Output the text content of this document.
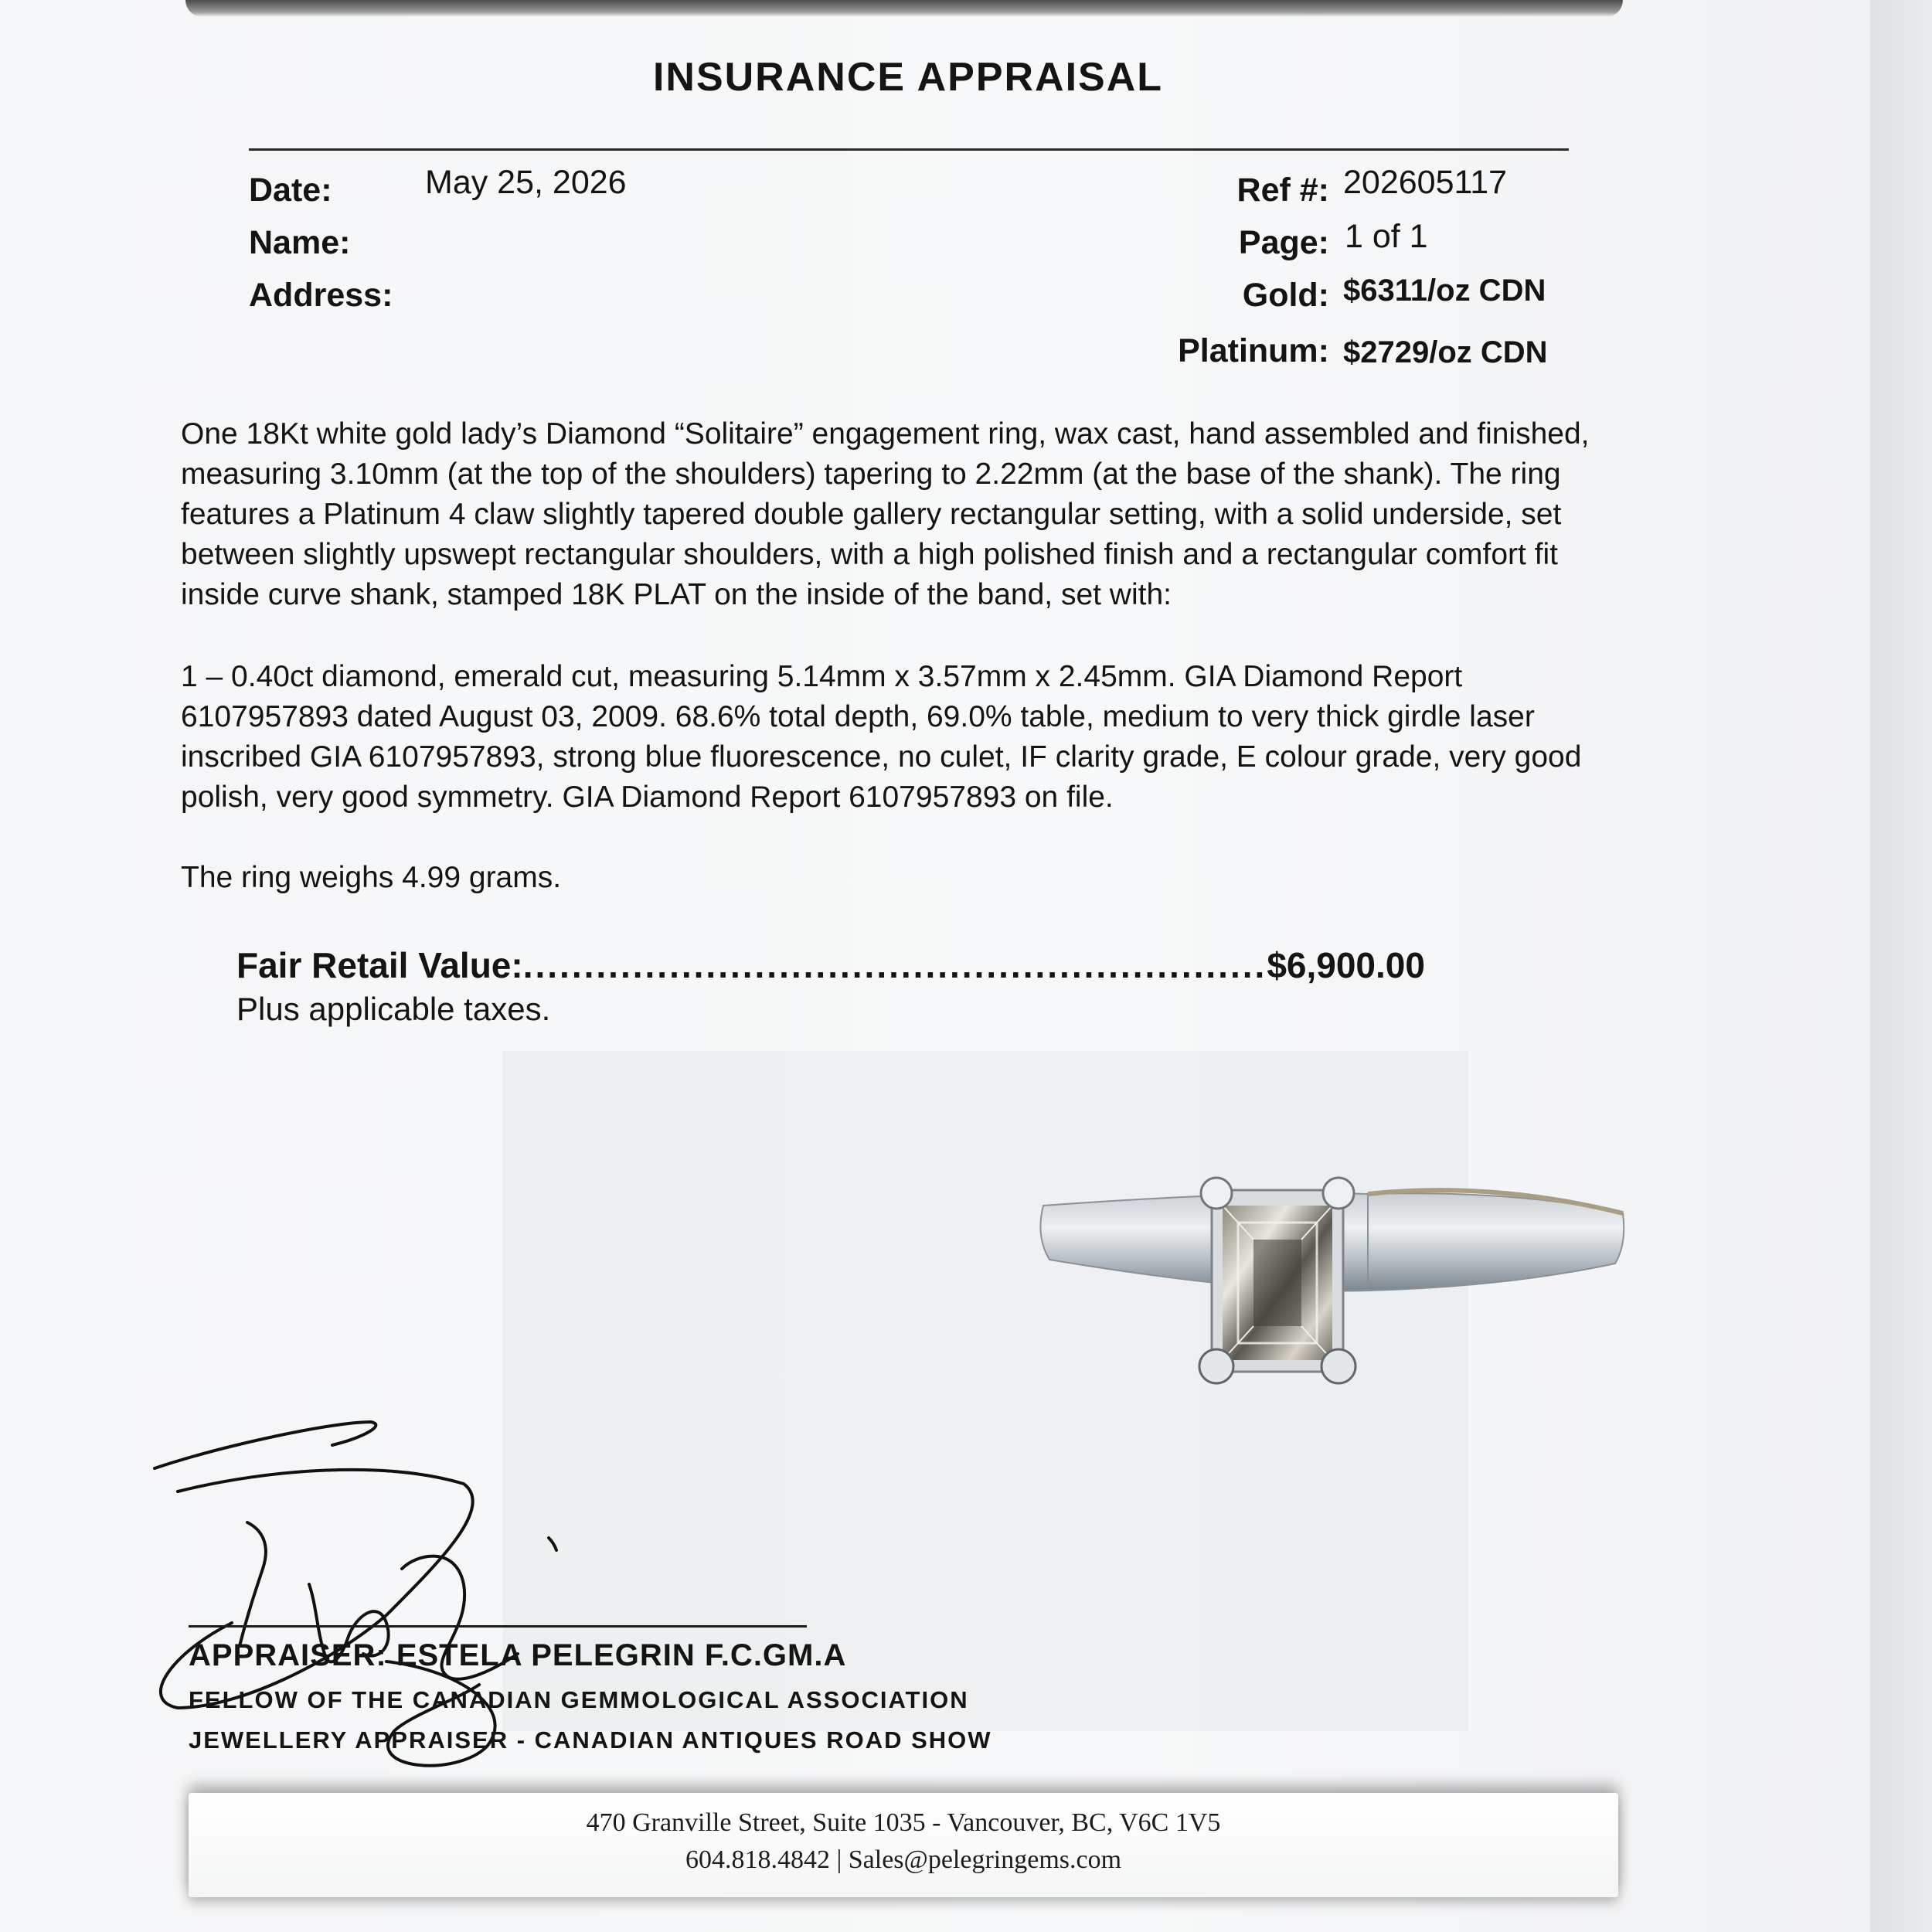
INSURANCE APPRAISAL
Date:	May 25, 2026
Name:
Address:
Ref #: 202605117
Page: 1 of 1
Gold: $6311/oz CDN
Platinum: $2729/oz CDN

One 18Kt white gold lady’s Diamond “Solitaire” engagement ring, wax cast, hand assembled and finished, measuring 3.10mm (at the top of the shoulders) tapering to 2.22mm (at the base of the shank). The ring features a Platinum 4 claw slightly tapered double gallery rectangular setting, with a solid underside, set between slightly upswept rectangular shoulders, with a high polished finish and a rectangular comfort fit inside curve shank, stamped 18K PLAT on the inside of the band, set with:

1 – 0.40ct diamond, emerald cut, measuring 5.14mm x 3.57mm x 2.45mm. GIA Diamond Report 6107957893 dated August 03, 2009. 68.6% total depth, 69.0% table, medium to very thick girdle laser inscribed GIA 6107957893, strong blue fluorescence, no culet, IF clarity grade, E colour grade, very good polish, very good symmetry. GIA Diamond Report 6107957893 on file.

The ring weighs 4.99 grams.

Fair Retail Value:.............................................................$6,900.00
Plus applicable taxes.
APPRAISER: ESTELA PELEGRIN F.C.GM.A
FELLOW OF THE CANADIAN GEMMOLOGICAL ASSOCIATION
JEWELLERY APPRAISER - CANADIAN ANTIQUES ROAD SHOW
470 Granville Street, Suite 1035 - Vancouver, BC, V6C 1V5
604.818.4842 | Sales@pelegringems.com
